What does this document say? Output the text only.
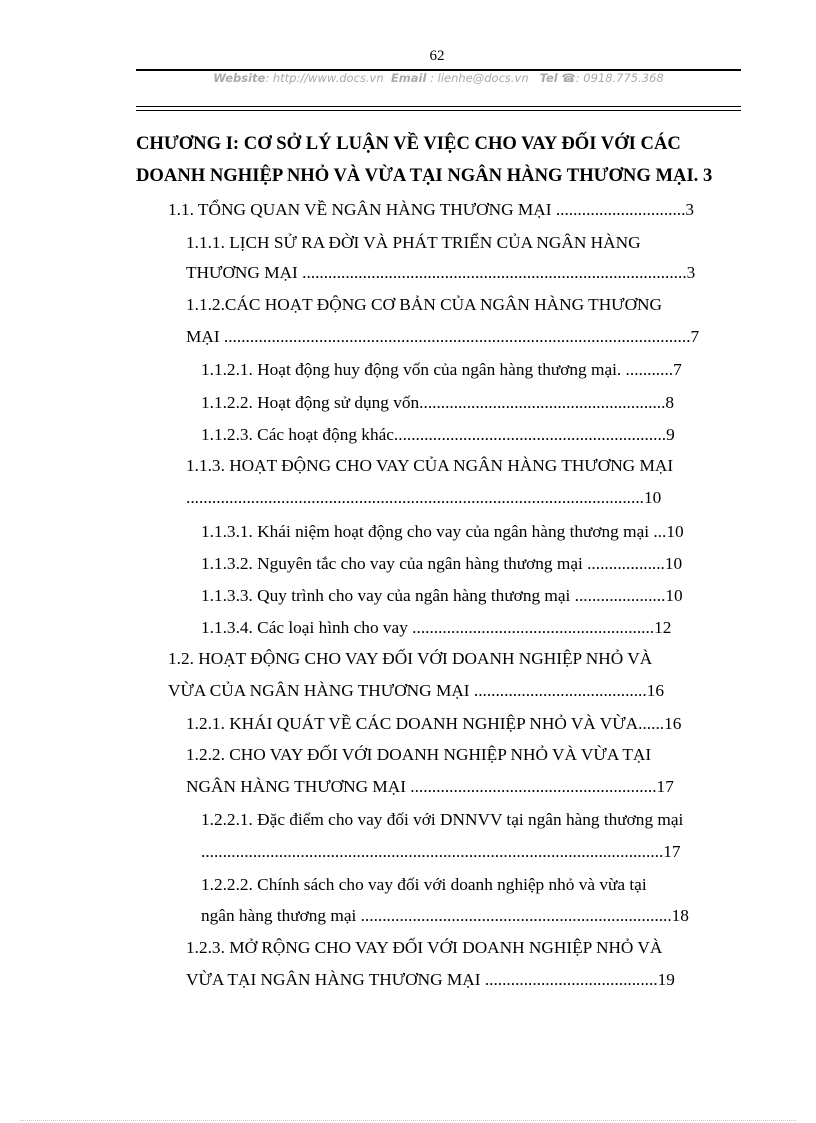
62
Website: http://www.docs.vn Email : lienhe@docs.vn Tel ☎: 0918.775.368
CHƯƠNG I: CƠ SỞ LÝ LUẬN VỀ VIỆC CHO VAY ĐỐI VỚI CÁC
DOANH NGHIỆP NHỎ VÀ VỪA TẠI NGÂN HÀNG THƯƠNG MẠI. 3
1.1. TỔNG QUAN VỀ NGÂN HÀNG THƯƠNG MẠI ..............................3
1.1.1. LỊCH SỬ RA ĐỜI VÀ PHÁT TRIỂN CỦA NGÂN HÀNG
THƯƠNG MẠI .........................................................................................3
1.1.2.CÁC HOẠT ĐỘNG CƠ BẢN CỦA NGÂN HÀNG THƯƠNG
MẠI ............................................................................................................7
1.1.2.1. Hoạt động huy động vốn của ngân hàng thương mại. ...........7
1.1.2.2. Hoạt động sử dụng vốn.........................................................8
1.1.2.3. Các hoạt động khác...............................................................9
1.1.3. HOẠT ĐỘNG CHO VAY CỦA NGÂN HÀNG THƯƠNG MẠI
..........................................................................................................10
1.1.3.1. Khái niệm hoạt động cho vay của ngân hàng thương mại ...10
1.1.3.2. Nguyên tắc cho vay của ngân hàng thương mại ..................10
1.1.3.3. Quy trình cho vay của ngân hàng thương mại .....................10
1.1.3.4. Các loại hình cho vay ........................................................12
1.2. HOẠT ĐỘNG CHO VAY ĐỐI VỚI DOANH NGHIỆP NHỎ VÀ
VỪA CỦA NGÂN HÀNG THƯƠNG MẠI ........................................16
1.2.1. KHÁI QUÁT VỀ CÁC DOANH NGHIỆP NHỎ VÀ VỪA......16
1.2.2. CHO VAY ĐỐI VỚI DOANH NGHIỆP NHỎ VÀ VỪA TẠI
NGÂN HÀNG THƯƠNG MẠI .........................................................17
1.2.2.1. Đặc điểm cho vay đối với DNNVV tại ngân hàng thương mại
...........................................................................................................17
1.2.2.2. Chính sách cho vay đối với doanh nghiệp nhỏ và vừa tại
ngân hàng thương mại ........................................................................18
1.2.3. MỞ RỘNG CHO VAY ĐỐI VỚI DOANH NGHIỆP NHỎ VÀ
VỪA TẠI NGÂN HÀNG THƯƠNG MẠI ........................................19
